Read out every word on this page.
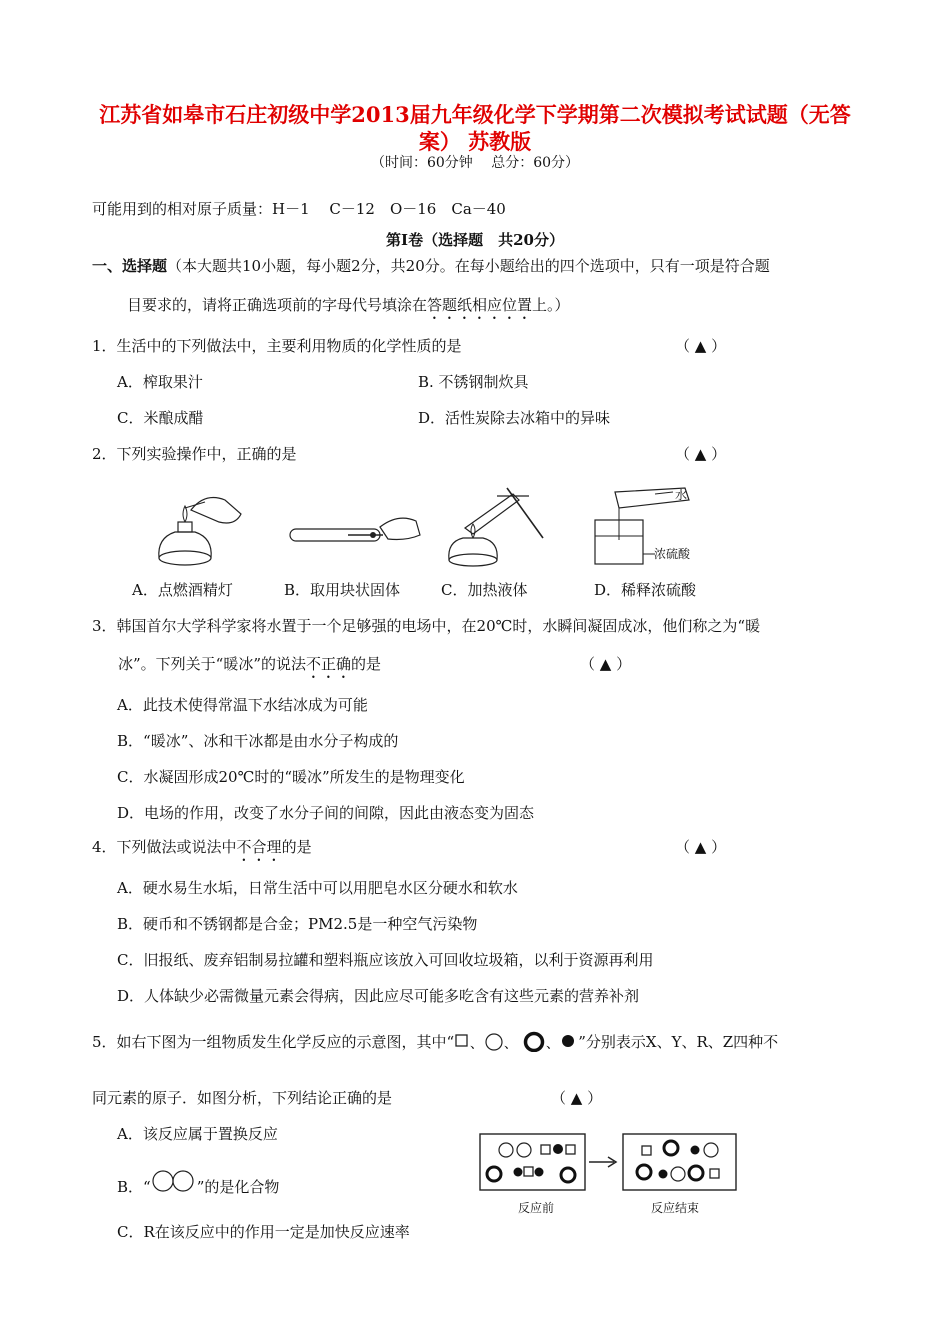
江苏省如皋市石庄初级中学2013届九年级化学下学期第二次模拟考试试题（无答案） 苏教版
（时间：60分钟　 总分：60分）
可能用到的相对原子质量：H－1　 C－12　O－16　Ca－40
第Ⅰ卷（选择题　共20分）
一、选择题（本大题共10小题，每小题2分，共20分。在每小题给出的四个选项中，只有一项是符合题
目要求的，请将正确选项前的字母代号填涂在答题纸相应位置上。）
1．生活中的下列做法中，主要利用物质的化学性质的是	（ ▲ ）
A．榨取果汁	B. 不锈钢制炊具
C．米酿成醋	D．活性炭除去冰箱中的异味
2．下列实验操作中，正确的是	（ ▲ ）
水
浓硫酸
A．点燃酒精灯	B．取用块状固体	C．加热液体	D．稀释浓硫酸
3．韩国首尔大学科学家将水置于一个足够强的电场中，在20℃时，水瞬间凝固成冰，他们称之为“暖
冰”。下列关于“暖冰”的说法不正确的是	（ ▲ ）
A．此技术使得常温下水结冰成为可能
B．“暖冰”、冰和干冰都是由水分子构成的
C．水凝固形成20℃时的“暖冰”所发生的是物理变化
D．电场的作用，改变了水分子间的间隙，因此由液态变为固态
4．下列做法或说法中不合理的是	（ ▲ ）
A．硬水易生水垢，日常生活中可以用肥皂水区分硬水和软水
B．硬币和不锈钢都是合金；PM2.5是一种空气污染物
C．旧报纸、废弃铝制易拉罐和塑料瓶应该放入可回收垃圾箱，以利于资源再利用
D．人体缺少必需微量元素会得病，因此应尽可能多吃含有这些元素的营养补剂
5．如右下图为一组物质发生化学反应的示意图，其中“ 、 、 、 ”分别表示X、Y、R、Z四种不
同元素的原子．如图分析，下列结论正确的是	（ ▲ ）
A．该反应属于置换反应
B．“	”的是化合物
C．R在该反应中的作用一定是加快反应速率
反应前	反应结束
